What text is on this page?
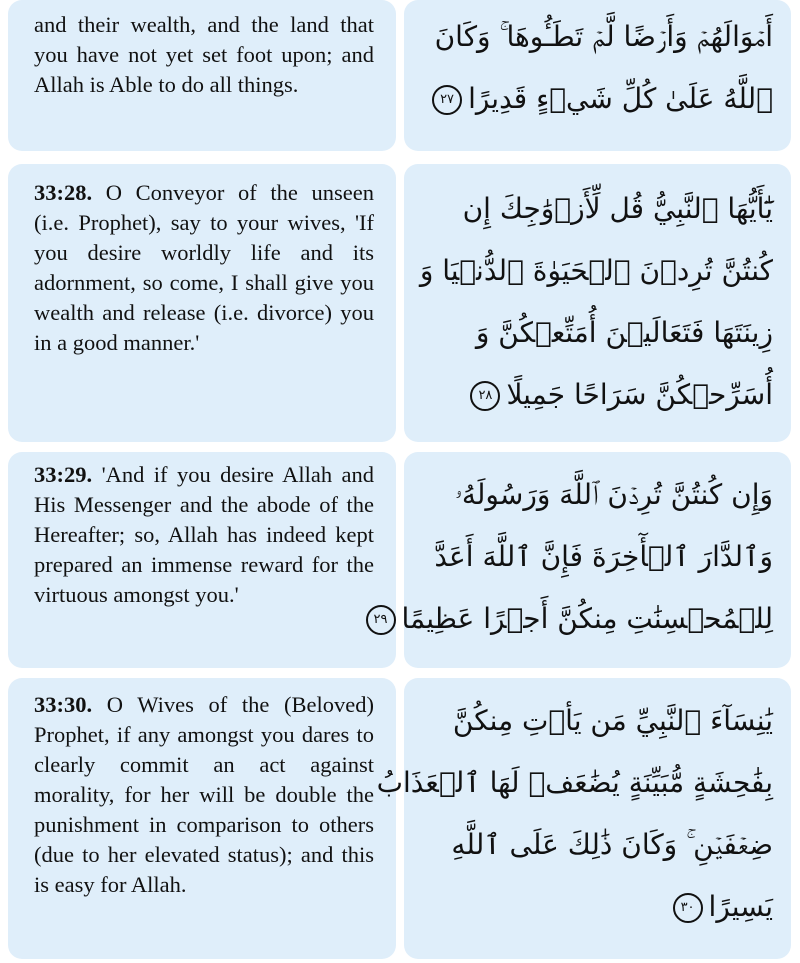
and their wealth, and the land that you have not yet set foot upon; and Allah is Able to do all things.

أَمۡوَالَهُمۡ وَأَرۡضًا لَّمۡ تَطَـُٔوهَا ۚ وَكَانَ
ٱللَّهُ عَلَىٰ كُلِّ شَيۡءٍ قَدِيرًا٢٧

33:28. O Conveyor of the unseen (i.e. Prophet), say to your wives, 'If you desire worldly life and its adornment, so come, I shall give you wealth and release (i.e. divorce) you in a good manner.'

يَٰٓأَيُّهَا ٱلنَّبِيُّ قُل لِّأَزۡوَٰجِكَ إِن
كُنتُنَّ تُرِدۡنَ ٱلۡحَيَوٰةَ ٱلدُّنۡيَا وَ
زِينَتَهَا فَتَعَالَيۡنَ أُمَتِّعۡكُنَّ وَ
أُسَرِّحۡكُنَّ سَرَاحًا جَمِيلًا٢٨

33:29. 'And if you desire Allah and His Messenger and the abode of the Hereafter; so, Allah has indeed kept prepared an immense reward for the virtuous amongst you.'

وَإِن كُنتُنَّ تُرِدۡنَ ٱللَّهَ وَرَسُولَهُۥ
وَٱلدَّارَ ٱلۡأٓخِرَةَ فَإِنَّ ٱللَّهَ أَعَدَّ
لِلۡمُحۡسِنَٰتِ مِنكُنَّ أَجۡرًا عَظِيمًا٢٩

33:30. O Wives of the (Beloved) Prophet, if any amongst you dares to clearly commit an act against morality, for her will be double the punishment in comparison to others (due to her elevated status); and this is easy for Allah.

يَٰنِسَآءَ ٱلنَّبِيِّ مَن يَأۡتِ مِنكُنَّ
بِفَٰحِشَةٍ مُّبَيِّنَةٍ يُضَٰعَفۡ لَهَا ٱلۡعَذَابُ
ضِعۡفَيۡنِ ۚ وَكَانَ ذَٰلِكَ عَلَى ٱللَّهِ
يَسِيرًا٣٠
